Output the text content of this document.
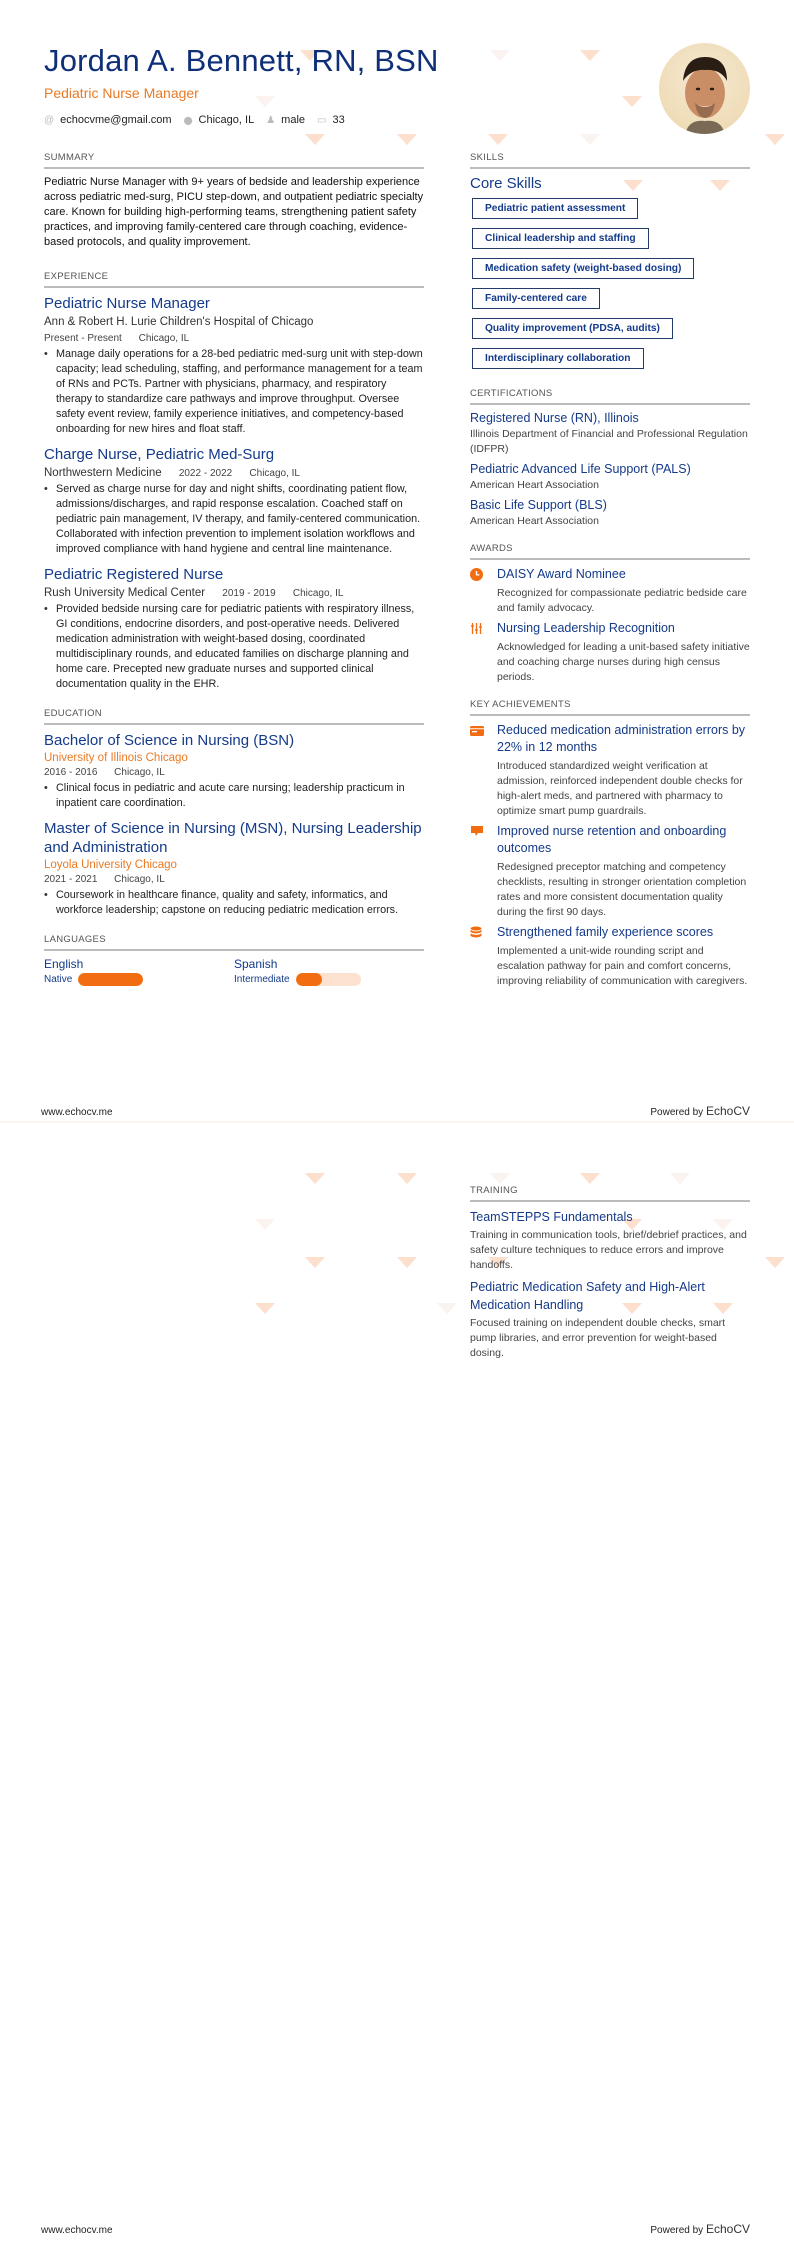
Jordan A. Bennett, RN, BSN
Pediatric Nurse Manager
@ echocvme@gmail.com ⬤ Chicago, IL ♟ male ▭ 33
SUMMARY

Pediatric Nurse Manager with 9+ years of bedside and leadership experience across pediatric med-surg, PICU step-down, and outpatient pediatric specialty care. Known for building high-performing teams, strengthening patient safety practices, and improving family-centered care through coaching, evidence-based protocols, and quality improvement.

EXPERIENCE
Pediatric Nurse Manager
Ann & Robert H. Lurie Children's Hospital of Chicago
Present - Present Chicago, IL
• Manage daily operations for a 28-bed pediatric med-surg unit with step-down capacity; lead scheduling, staffing, and performance management for a team of RNs and PCTs. Partner with physicians, pharmacy, and respiratory therapy to standardize care pathways and improve throughput. Oversee safety event review, family experience initiatives, and competency-based onboarding for new hires and float staff.
Charge Nurse, Pediatric Med-Surg
Northwestern Medicine 2022 - 2022 Chicago, IL
• Served as charge nurse for day and night shifts, coordinating patient flow, admissions/discharges, and rapid response escalation. Coached staff on pediatric pain management, IV therapy, and family-centered communication. Collaborated with infection prevention to implement isolation workflows and improved compliance with hand hygiene and central line maintenance.
Pediatric Registered Nurse
Rush University Medical Center 2019 - 2019 Chicago, IL
• Provided bedside nursing care for pediatric patients with respiratory illness, GI conditions, endocrine disorders, and post-operative needs. Delivered medication administration with weight-based dosing, coordinated multidisciplinary rounds, and educated families on discharge planning and home care. Precepted new graduate nurses and supported clinical documentation quality in the EHR.
EDUCATION
Bachelor of Science in Nursing (BSN)
University of Illinois Chicago
2016 - 2016 Chicago, IL
• Clinical focus in pediatric and acute care nursing; leadership practicum in inpatient care coordination.
Master of Science in Nursing (MSN), Nursing Leadership and Administration
Loyola University Chicago
2021 - 2021 Chicago, IL
• Coursework in healthcare finance, quality and safety, informatics, and workforce leadership; capstone on reducing pediatric medication errors.
LANGUAGES
English
Native
Spanish
Intermediate
SKILLS
Core Skills
Pediatric patient assessment
Clinical leadership and staffing
Medication safety (weight-based dosing)
Family-centered care
Quality improvement (PDSA, audits)
Interdisciplinary collaboration
CERTIFICATIONS
Registered Nurse (RN), Illinois
Illinois Department of Financial and Professional Regulation (IDFPR)
Pediatric Advanced Life Support (PALS)
American Heart Association
Basic Life Support (BLS)
American Heart Association
AWARDS
DAISY Award Nominee
Recognized for compassionate pediatric bedside care and family advocacy.
Nursing Leadership Recognition
Acknowledged for leading a unit-based safety initiative and coaching charge nurses during high census periods.
KEY ACHIEVEMENTS
Reduced medication administration errors by 22% in 12 months
Introduced standardized weight verification at admission, reinforced independent double checks for high-alert meds, and partnered with pharmacy to optimize smart pump guardrails.
Improved nurse retention and onboarding outcomes
Redesigned preceptor matching and competency checklists, resulting in stronger orientation completion rates and more consistent documentation quality during the first 90 days.
Strengthened family experience scores
Implemented a unit-wide rounding script and escalation pathway for pain and comfort concerns, improving reliability of communication with caregivers.
www.echocv.me	Powered by EchoCV
TRAINING
TeamSTEPPS Fundamentals
Training in communication tools, brief/debrief practices, and safety culture techniques to reduce errors and improve handoffs.
Pediatric Medication Safety and High-Alert Medication Handling
Focused training on independent double checks, smart pump libraries, and error prevention for weight-based dosing.
www.echocv.me	Powered by EchoCV
